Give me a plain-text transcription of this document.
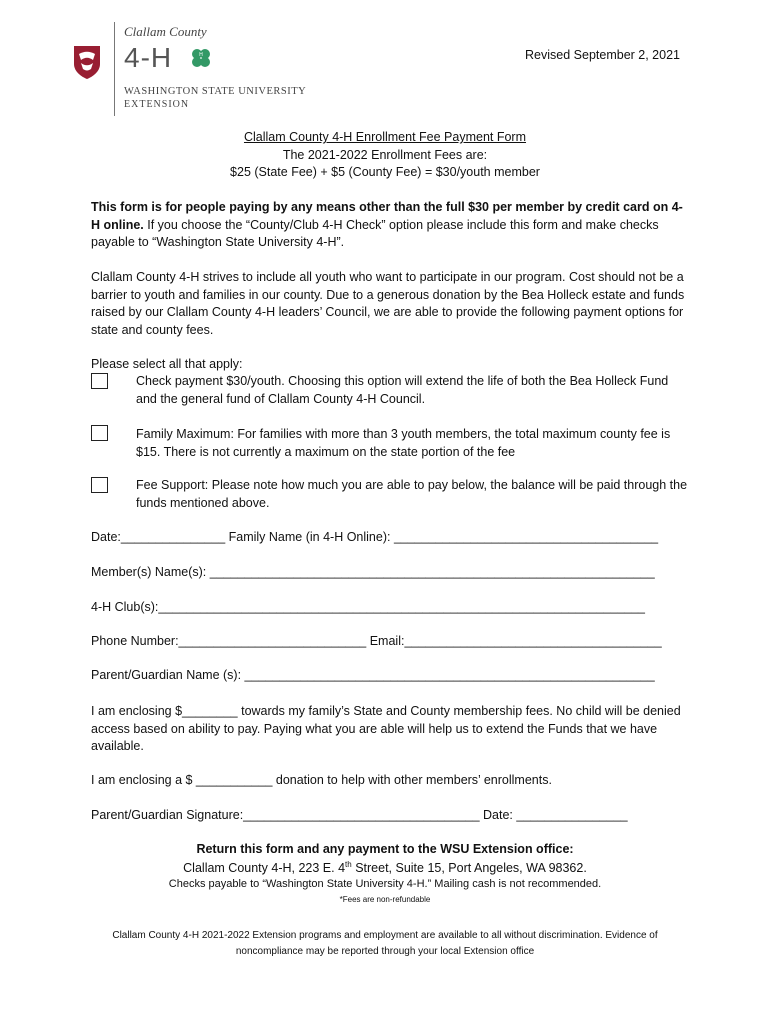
Clallam County
4-H	H
WASHINGTON STATE UNIVERSITY
EXTENSION
Revised September 2, 2021
Clallam County 4-H Enrollment Fee Payment Form
The 2021-2022 Enrollment Fees are:
$25 (State Fee) + $5 (County Fee) = $30/youth member
This form is for people paying by any means other than the full $30 per member by credit card on 4-H online. If you choose the “County/Club 4-H Check” option please include this form and make checks payable to “Washington State University 4-H”.
Clallam County 4-H strives to include all youth who want to participate in our program. Cost should not be a barrier to youth and families in our county. Due to a generous donation by the Bea Holleck estate and funds raised by our Clallam County 4-H leaders’ Council, we are able to provide the following payment options for state and county fees.
Please select all that apply:
Check payment $30/youth. Choosing this option will extend the life of both the Bea Holleck Fund and the general fund of Clallam County 4-H Council.
Family Maximum: For families with more than 3 youth members, the total maximum county fee is $15. There is not currently a maximum on the state portion of the fee
Fee Support: Please note how much you are able to pay below, the balance will be paid through the funds mentioned above.
Date:_______________ Family Name (in 4-H Online): ______________________________________
Member(s) Name(s): ________________________________________________________________
4-H Club(s):______________________________________________________________________
Phone Number:___________________________ Email:_____________________________________
Parent/Guardian Name (s): ___________________________________________________________
I am enclosing $________ towards my family’s State and County membership fees. No child will be denied access based on ability to pay. Paying what you are able will help us to extend the Funds that we have available.
I am enclosing a $ ___________ donation to help with other members’ enrollments.
Parent/Guardian Signature:__________________________________ Date: ________________
Return this form and any payment to the WSU Extension office:
Clallam County 4-H, 223 E. 4th Street, Suite 15, Port Angeles, WA 98362.
Checks payable to “Washington State University 4-H.” Mailing cash is not recommended.
*Fees are non-refundable
Clallam County 4-H 2021-2022 Extension programs and employment are available to all without discrimination. Evidence of
noncompliance may be reported through your local Extension office
